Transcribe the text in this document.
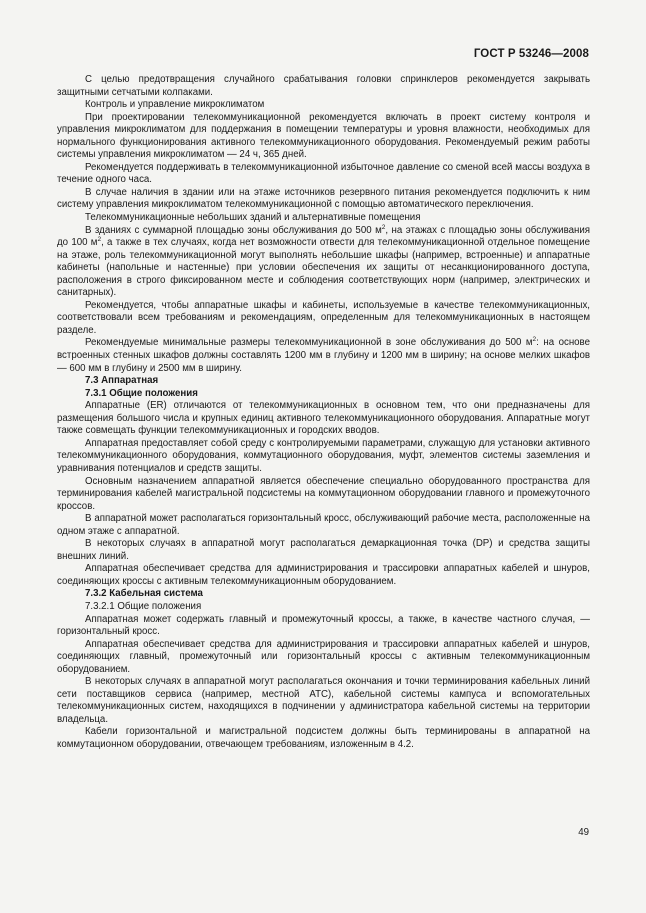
ГОСТ Р 53246—2008

С целью предотвращения случайного срабатывания головки спринклеров рекомендуется закрывать защитными сетчатыми колпаками.

Контроль и управление микроклиматом

При проектировании телекоммуникационной рекомендуется включать в проект систему контроля и управления микроклиматом для поддержания в помещении температуры и уровня влажности, необходимых для нормального функционирования активного телекоммуникационного оборудования. Рекомендуемый режим работы системы управления микроклиматом — 24 ч, 365 дней.

Рекомендуется поддерживать в телекоммуникационной избыточное давление со сменой всей массы воздуха в течение одного часа.

В случае наличия в здании или на этаже источников резервного питания рекомендуется подключить к ним систему управления микроклиматом телекоммуникационной с помощью автоматического переключения.

Телекоммуникационные небольших зданий и альтернативные помещения

В зданиях с суммарной площадью зоны обслуживания до 500 $м^2$, на этажах с площадью зоны обслуживания до 100 $м^2$, а также в тех случаях, когда нет возможности отвести для телекоммуникационной отдельное помещение на этаже, роль телекоммуникационной могут выполнять небольшие шкафы (например, встроенные) и аппаратные кабинеты (напольные и настенные) при условии обеспечения их защиты от несанкционированного доступа, расположения в строго фиксированном месте и соблюдения соответствующих норм (например, электрических и санитарных).

Рекомендуется, чтобы аппаратные шкафы и кабинеты, используемые в качестве телекоммуникационных, соответствовали всем требованиям и рекомендациям, определенным для телекоммуникационных в настоящем разделе.

Рекомендуемые минимальные размеры телекоммуникационной в зоне обслуживания до 500 $м^2$: на основе встроенных стенных шкафов должны составлять 1200 мм в глубину и 1200 мм в ширину; на основе мелких шкафов — 600 мм в глубину и 2500 мм в ширину.

7.3 Аппаратная

7.3.1 Общие положения

Аппаратные (ER) отличаются от телекоммуникационных в основном тем, что они предназначены для размещения большого числа и крупных единиц активного телекоммуникационного оборудования. Аппаратные могут также совмещать функции телекоммуникационных и городских вводов.

Аппаратная предоставляет собой среду с контролируемыми параметрами, служащую для установки активного телекоммуникационного оборудования, коммутационного оборудования, муфт, элементов системы заземления и уравнивания потенциалов и средств защиты.

Основным назначением аппаратной является обеспечение специально оборудованного пространства для терминирования кабелей магистральной подсистемы на коммутационном оборудовании главного и промежуточного кроссов.

В аппаратной может располагаться горизонтальный кросс, обслуживающий рабочие места, расположенные на одном этаже с аппаратной.

В некоторых случаях в аппаратной могут располагаться демаркационная точка (DP) и средства защиты внешних линий.

Аппаратная обеспечивает средства для администрирования и трассировки аппаратных кабелей и шнуров, соединяющих кроссы с активным телекоммуникационным оборудованием.

7.3.2 Кабельная система

7.3.2.1 Общие положения

Аппаратная может содержать главный и промежуточный кроссы, а также, в качестве частного случая, — горизонтальный кросс.

Аппаратная обеспечивает средства для администрирования и трассировки аппаратных кабелей и шнуров, соединяющих главный, промежуточный или горизонтальный кроссы с активным телекоммуникационным оборудованием.

В некоторых случаях в аппаратной могут располагаться окончания и точки терминирования кабельных линий сети поставщиков сервиса (например, местной АТС), кабельной системы кампуса и вспомогательных телекоммуникационных систем, находящихся в подчинении у администратора кабельной системы на территории владельца.

Кабели горизонтальной и магистральной подсистем должны быть терминированы в аппаратной на коммутационном оборудовании, отвечающем требованиям, изложенным в 4.2.

49
